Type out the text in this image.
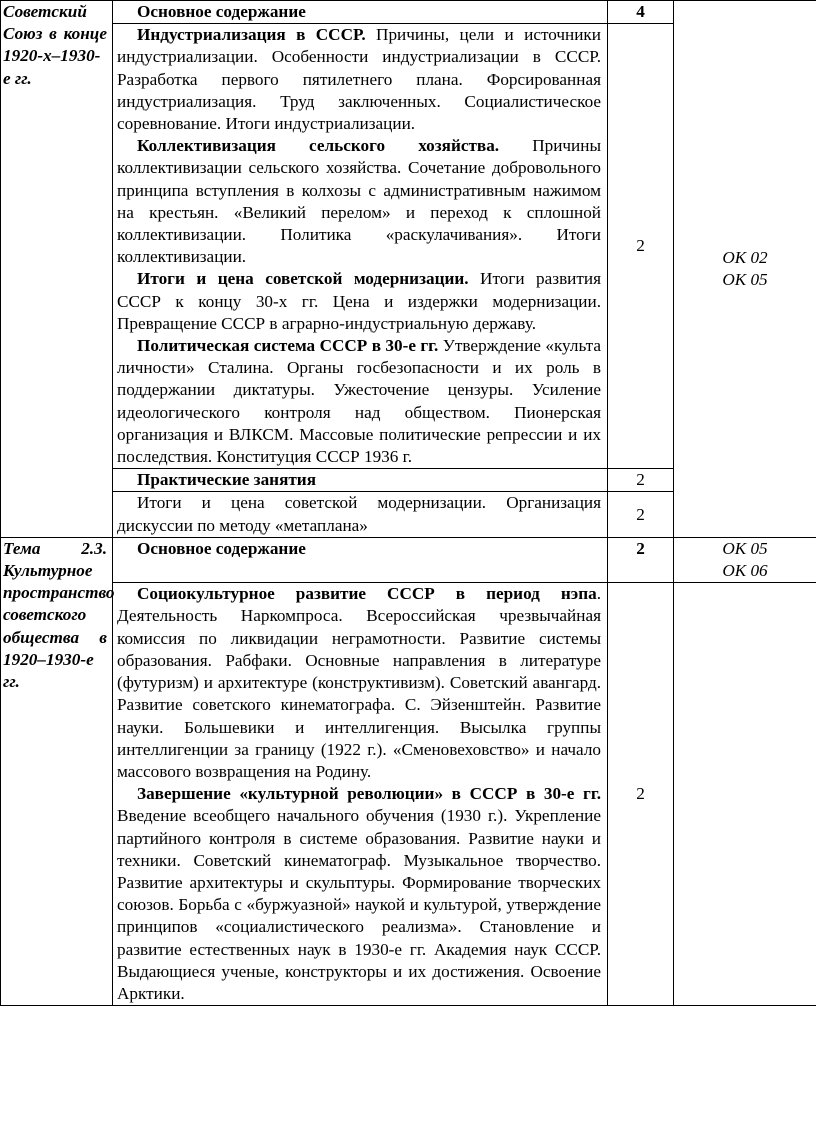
Советский Союз в конце 1920-х–1930-е гг.	Основное содержание	4	ОК 02
ОК 05

	Индустриализация в СССР. Причины, цели и источники индустриализации. Особенности индустриализации в СССР. Разработка первого пятилетнего плана. Форсированная индустриализация. Труд заключенных. Социалистическое соревнование. Итоги индустриализации.

Коллективизация сельского хозяйства. Причины коллективизации сельского хозяйства. Сочетание добровольного принципа вступления в колхозы с административным нажимом на крестьян. «Великий перелом» и переход к сплошной коллективизации. Политика «раскулачивания». Итоги коллективизации.

Итоги и цена советской модернизации. Итоги развития СССР к концу 30-х гг. Цена и издержки модернизации. Превращение СССР в аграрно-индустриальную державу.

Политическая система СССР в 30-е гг. Утверждение «культа личности» Сталина. Органы госбезопасности и их роль в поддержании диктатуры. Ужесточение цензуры. Усиление идеологического контроля над обществом. Пионерская организация и ВЛКСМ. Массовые политические репрессии и их последствия. Конституция СССР 1936 г.	2	
	Практические занятия	2	

	Итоги и цена советской модернизации. Организация дискуссии по методу «метаплана»	2	

Тема 2.3. Культурное пространство советского общества в 1920–1930-е гг.	Основное содержание	2	ОК 05
ОК 06

	Социокультурное развитие СССР в период нэпа. Деятельность Наркомпроса. Всероссийская чрезвычайная комиссия по ликвидации неграмотности. Развитие системы образования. Рабфаки. Основные направления в литературе (футуризм) и архитектуре (конструктивизм). Советский авангард. Развитие советского кинематографа. С. Эйзенштейн. Развитие науки. Большевики и интеллигенция. Высылка группы интеллигенции за границу (1922 г.). «Сменовеховство» и начало массового возвращения на Родину.

Завершение «культурной революции» в СССР в 30-е гг. Введение всеобщего начального обучения (1930 г.). Укрепление партийного контроля в системе образования. Развитие науки и техники. Советский кинематограф. Музыкальное творчество. Развитие архитектуры и скульптуры. Формирование творческих союзов. Борьба с «буржуазной» наукой и культурой, утверждение принципов «социалистического реализма». Становление и развитие естественных наук в 1930-е гг. Академия наук СССР. Выдающиеся ученые, конструкторы и их достижения. Освоение Арктики.	2	
